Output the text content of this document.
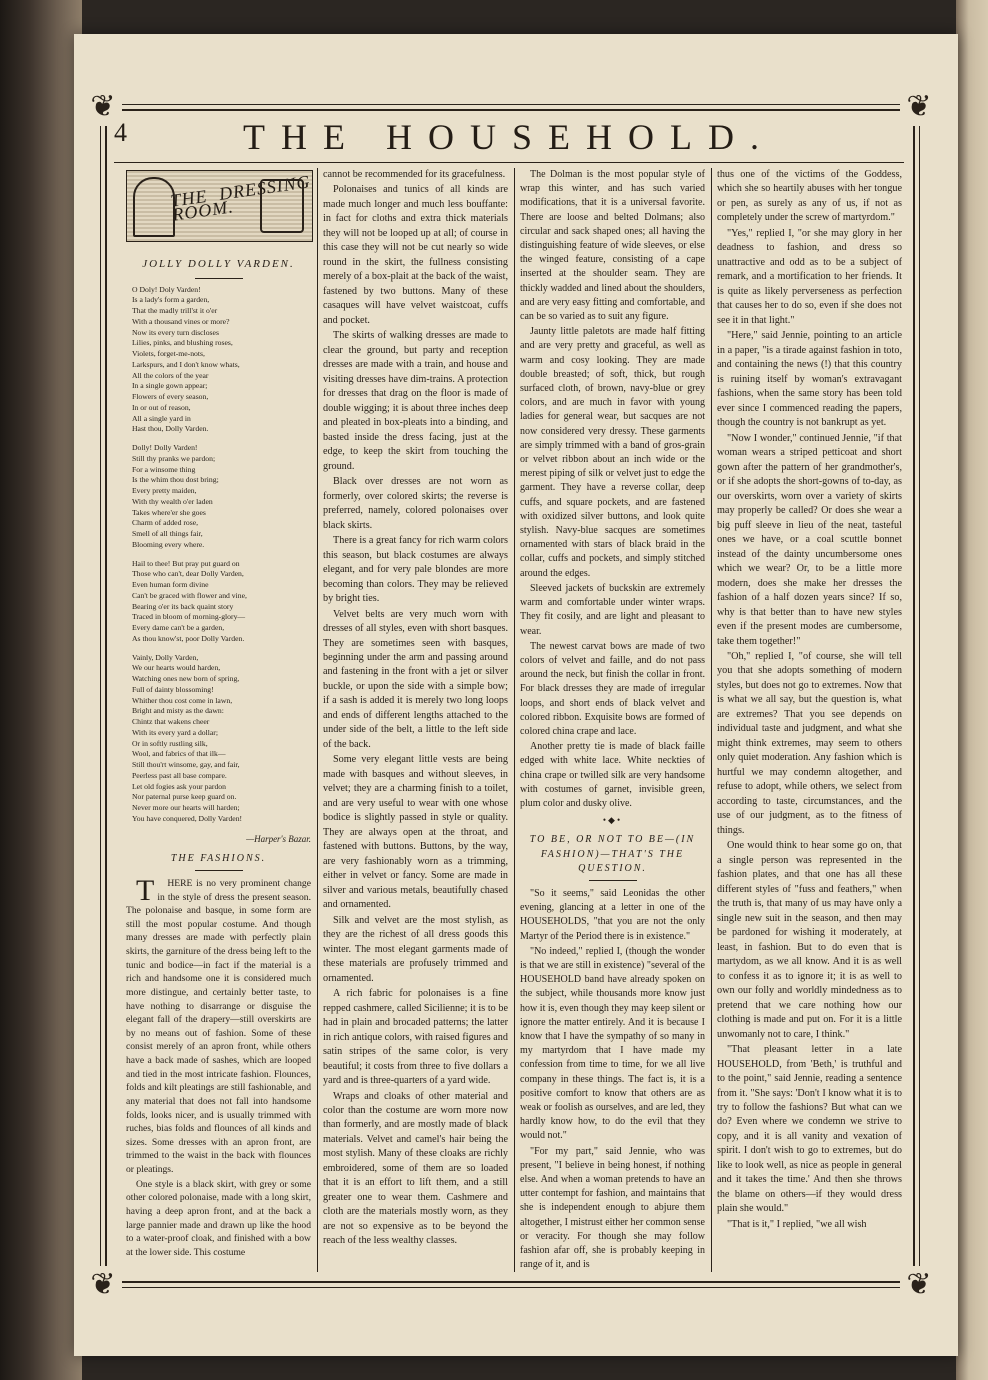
❦	❦
❦	❦
4	THE HOUSEHOLD.
THE DRESSING ROOM.
JOLLY DOLLY VARDEN.
O Doly! Doly Varden!
Is a lady's form a garden,
That the madly trill'st it o'er
With a thousand vines or more?
Now its every turn discloses
Lilies, pinks, and blushing roses,
Violets, forget-me-nots,
Larkspurs, and I don't know whats,
All the colors of the year
In a single gown appear;
Flowers of every season,
In or out of reason,
All a single yard in
Hast thou, Dolly Varden.
Dolly! Dolly Varden!
Still thy pranks we pardon;
For a winsome thing
Is the whim thou dost bring;
Every pretty maiden,
With thy wealth o'er laden
Takes where'er she goes
Charm of added rose,
Smell of all things fair,
Blooming every where.
Hail to thee! But pray put guard on
Those who can't, dear Dolly Varden,
Even human form divine
Can't be graced with flower and vine,
Bearing o'er its back quaint story
Traced in bloom of morning-glory—
Every dame can't be a garden,
As thou know'st, poor Dolly Varden.
Vainly, Dolly Varden,
We our hearts would harden,
Watching ones new born of spring,
Full of dainty blossoming!
Whither thou cost come in lawn,
Bright and misty as the dawn:
Chintz that wakens cheer
With its every yard a dollar;
Or in softly rustling silk,
Wool, and fabrics of that ilk—
Still thou'rt winsome, gay, and fair,
Peerless past all base compare.
Let old fogies ask your pardon
Nor paternal purse keep guard on.
Never more our hearts will harden;
You have conquered, Dolly Varden!
—Harper's Bazar.
THE FASHIONS.

T HERE is no very prominent change in the style of dress the present season. The polonaise and basque, in some form are still the most popular costume. And though many dresses are made with perfectly plain skirts, the garniture of the dress being left to the tunic and bodice—in fact if the material is a rich and handsome one it is considered much more distingue, and certainly better taste, to have nothing to disarrange or disguise the elegant fall of the drapery—still overskirts are by no means out of fashion. Some of these consist merely of an apron front, while others have a back made of sashes, which are looped and tied in the most intricate fashion. Flounces, folds and kilt pleatings are still fashionable, and any material that does not fall into handsome folds, looks nicer, and is usually trimmed with ruches, bias folds and flounces of all kinds and sizes. Some dresses with an apron front, are trimmed to the waist in the back with flounces or pleatings.

One style is a black skirt, with grey or some other colored polonaise, made with a long skirt, having a deep apron front, and at the back a large pannier made and drawn up like the hood to a water-proof cloak, and finished with a bow at the lower side. This costume

cannot be recommended for its gracefulness.

Polonaises and tunics of all kinds are made much longer and much less bouffante: in fact for cloths and extra thick materials they will not be looped up at all; of course in this case they will not be cut nearly so wide round in the skirt, the fullness consisting merely of a box-plait at the back of the waist, fastened by two buttons. Many of these casaques will have velvet waistcoat, cuffs and pocket.

The skirts of walking dresses are made to clear the ground, but party and reception dresses are made with a train, and house and visiting dresses have dim-trains. A protection for dresses that drag on the floor is made of double wigging; it is about three inches deep and pleated in box-pleats into a binding, and basted inside the dress facing, just at the edge, to keep the skirt from touching the ground.

Black over dresses are not worn as formerly, over colored skirts; the reverse is preferred, namely, colored polonaises over black skirts.

There is a great fancy for rich warm colors this season, but black costumes are always elegant, and for very pale blondes are more becoming than colors. They may be relieved by bright ties.

Velvet belts are very much worn with dresses of all styles, even with short basques. They are sometimes seen with basques, beginning under the arm and passing around and fastening in the front with a jet or silver buckle, or upon the side with a simple bow; if a sash is added it is merely two long loops and ends of different lengths attached to the under side of the belt, a little to the left side of the back.

Some very elegant little vests are being made with basques and without sleeves, in velvet; they are a charming finish to a toilet, and are very useful to wear with one whose bodice is slightly passed in style or quality. They are always open at the throat, and fastened with buttons. Buttons, by the way, are very fashionably worn as a trimming, either in velvet or fancy. Some are made in silver and various metals, beautifully chased and ornamented.

Silk and velvet are the most stylish, as they are the richest of all dress goods this winter. The most elegant garments made of these materials are profusely trimmed and ornamented.

A rich fabric for polonaises is a fine repped cashmere, called Sicilienne; it is to be had in plain and brocaded patterns; the latter in rich antique colors, with raised figures and satin stripes of the same color, is very beautiful; it costs from three to five dollars a yard and is three-quarters of a yard wide.

Wraps and cloaks of other material and color than the costume are worn more now than formerly, and are mostly made of black materials. Velvet and camel's hair being the most stylish. Many of these cloaks are richly embroidered, some of them are so loaded that it is an effort to lift them, and a still greater one to wear them. Cashmere and cloth are the materials mostly worn, as they are not so expensive as to be beyond the reach of the less wealthy classes.

The Dolman is the most popular style of wrap this winter, and has such varied modifications, that it is a universal favorite. There are loose and belted Dolmans; also circular and sack shaped ones; all having the distinguishing feature of wide sleeves, or else the winged feature, consisting of a cape inserted at the shoulder seam. They are thickly wadded and lined about the shoulders, and are very easy fitting and comfortable, and can be so varied as to suit any figure.

Jaunty little paletots are made half fitting and are very pretty and graceful, as well as warm and cosy looking. They are made double breasted; of soft, thick, but rough surfaced cloth, of brown, navy-blue or grey colors, and are much in favor with young ladies for general wear, but sacques are not now considered very dressy. These garments are simply trimmed with a band of gros-grain or velvet ribbon about an inch wide or the merest piping of silk or velvet just to edge the garment. They have a reverse collar, deep cuffs, and square pockets, and are fastened with oxidized silver buttons, and look quite stylish. Navy-blue sacques are sometimes ornamented with stars of black braid in the collar, cuffs and pockets, and simply stitched around the edges.

Sleeved jackets of buckskin are extremely warm and comfortable under winter wraps. They fit cosily, and are light and pleasant to wear.

The newest carvat bows are made of two colors of velvet and faille, and do not pass around the neck, but finish the collar in front. For black dresses they are made of irregular loops, and short ends of black velvet and colored ribbon. Exquisite bows are formed of colored china crape and lace.

Another pretty tie is made of black faille edged with white lace. White neckties of china crape or twilled silk are very handsome with costumes of garnet, invisible green, plum color and dusky olive.

•◆•
TO BE, OR NOT TO BE—(IN FASHION)—THAT'S THE QUESTION.

"So it seems," said Leonidas the other evening, glancing at a letter in one of the HOUSEHOLDS, "that you are not the only Martyr of the Period there is in existence."

"No indeed," replied I, (though the wonder is that we are still in existence) "several of the HOUSEHOLD band have already spoken on the subject, while thousands more know just how it is, even though they may keep silent or ignore the matter entirely. And it is because I know that I have the sympathy of so many in my martyrdom that I have made my confession from time to time, for we all live company in these things. The fact is, it is a positive comfort to know that others are as weak or foolish as ourselves, and are led, they hardly know how, to do the evil that they would not."

"For my part," said Jennie, who was present, "I believe in being honest, if nothing else. And when a woman pretends to have an utter contempt for fashion, and maintains that she is independent enough to abjure them altogether, I mistrust either her common sense or veracity. For though she may follow fashion afar off, she is probably keeping in range of it, and is

thus one of the victims of the Goddess, which she so heartily abuses with her tongue or pen, as surely as any of us, if not as completely under the screw of martyrdom."

"Yes," replied I, "or she may glory in her deadness to fashion, and dress so unattractive and odd as to be a subject of remark, and a mortification to her friends. It is quite as likely perverseness as perfection that causes her to do so, even if she does not see it in that light."

"Here," said Jennie, pointing to an article in a paper, "is a tirade against fashion in toto, and containing the news (!) that this country is ruining itself by woman's extravagant fashions, when the same story has been told ever since I commenced reading the papers, though the country is not bankrupt as yet.

"Now I wonder," continued Jennie, "if that woman wears a striped petticoat and short gown after the pattern of her grandmother's, or if she adopts the short-gowns of to-day, as our overskirts, worn over a variety of skirts may properly be called? Or does she wear a big puff sleeve in lieu of the neat, tasteful ones we have, or a coal scuttle bonnet instead of the dainty uncumbersome ones which we wear? Or, to be a little more modern, does she make her dresses the fashion of a half dozen years since? If so, why is that better than to have new styles even if the present modes are cumbersome, take them together!"

"Oh," replied I, "of course, she will tell you that she adopts something of modern styles, but does not go to extremes. Now that is what we all say, but the question is, what are extremes? That you see depends on individual taste and judgment, and what she might think extremes, may seem to others only quiet moderation. Any fashion which is hurtful we may condemn altogether, and refuse to adopt, while others, we select from according to taste, circumstances, and the use of our judgment, as to the fitness of things.

One would think to hear some go on, that a single person was represented in the fashion plates, and that one has all these different styles of "fuss and feathers," when the truth is, that many of us may have only a single new suit in the season, and then may be pardoned for wishing it moderately, at least, in fashion. But to do even that is martydom, as we all know. And it is as well to confess it as to ignore it; it is as well to own our folly and worldly mindedness as to pretend that we care nothing how our clothing is made and put on. For it is a little unwomanly not to care, I think."

"That pleasant letter in a late HOUSEHOLD, from 'Beth,' is truthful and to the point," said Jennie, reading a sentence from it. "She says: 'Don't I know what it is to try to follow the fashions? But what can we do? Even where we condemn we strive to copy, and it is all vanity and vexation of spirit. I don't wish to go to extremes, but do like to look well, as nice as people in general and it takes the time.' And then she throws the blame on others—if they would dress plain she would."

"That is it," I replied, "we all wish
